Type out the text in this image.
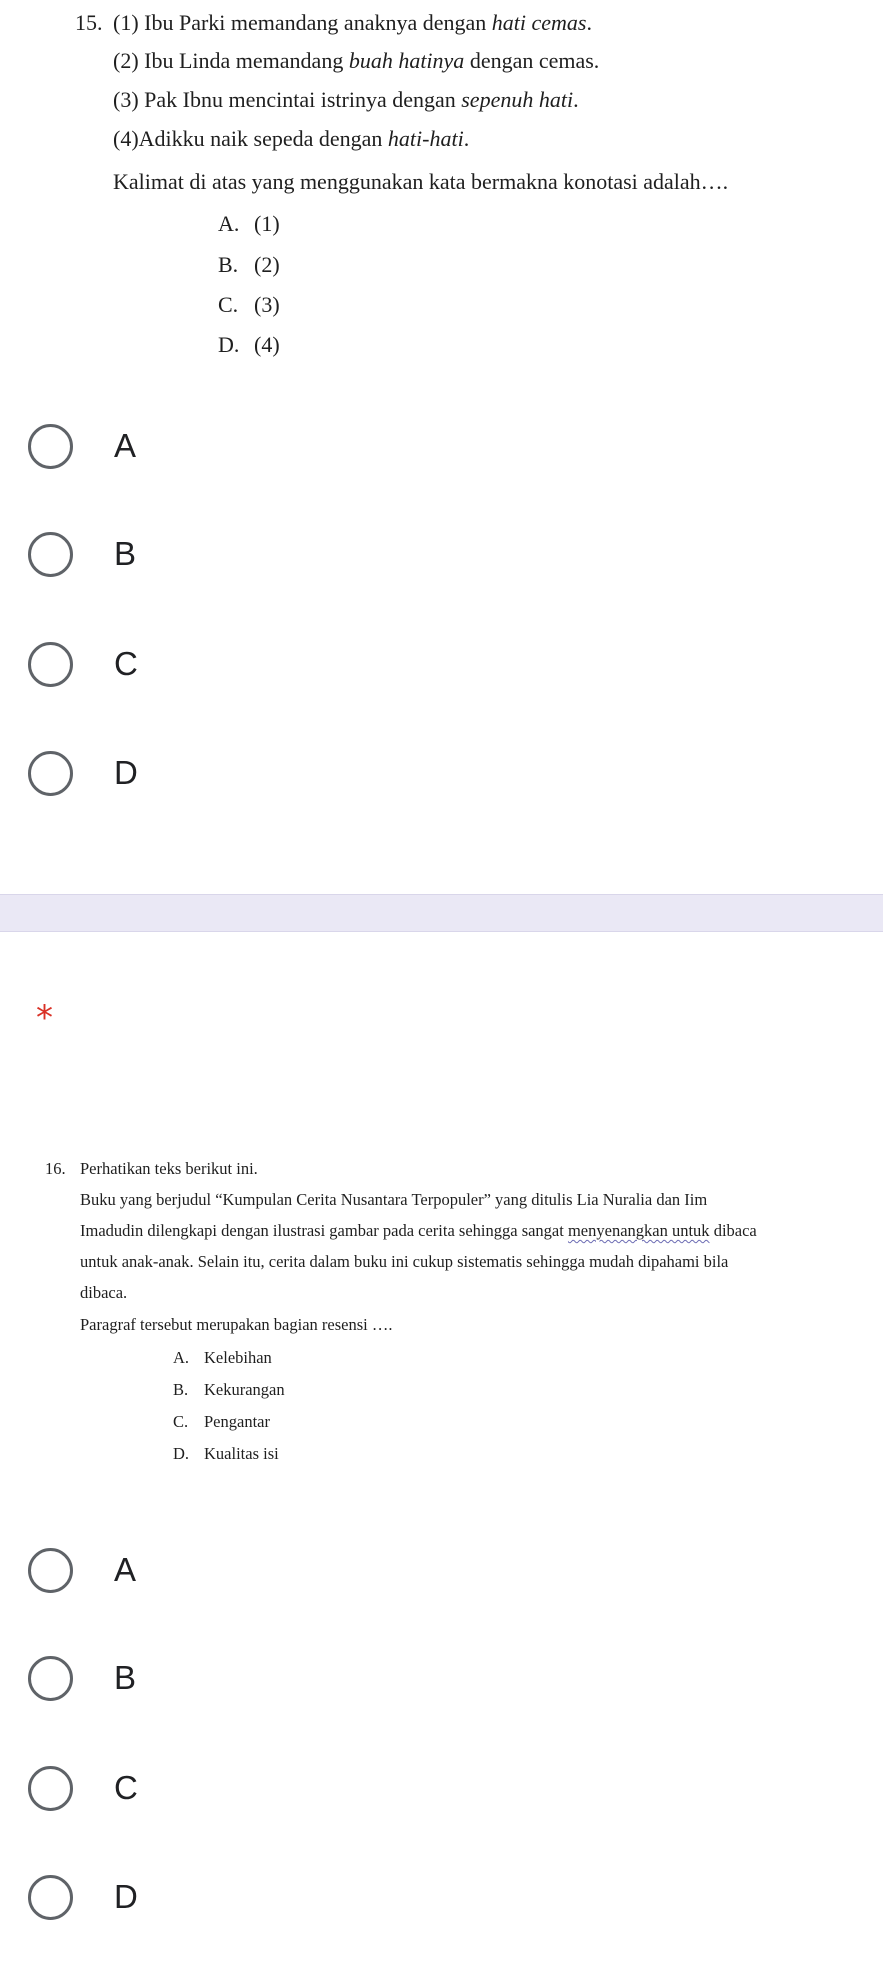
15. (1) Ibu Parki memandang anaknya dengan hati cemas.
(2) Ibu Linda memandang buah hatinya dengan cemas.
(3) Pak Ibnu mencintai istrinya dengan sepenuh hati.
(4)Adikku naik sepeda dengan hati-hati.
Kalimat di atas yang menggunakan kata bermakna konotasi adalah….
A. (1)
B. (2)
C. (3)
D. (4)
A
B
C
D
*
16. Perhatikan teks berikut ini.
Buku yang berjudul “Kumpulan Cerita Nusantara Terpopuler” yang ditulis Lia Nuralia dan Iim
Imadudin dilengkapi dengan ilustrasi gambar pada cerita sehingga sangat menyenangkan untuk dibaca
untuk anak-anak. Selain itu, cerita dalam buku ini cukup sistematis sehingga mudah dipahami bila
dibaca.
Paragraf tersebut merupakan bagian resensi ….
A. Kelebihan
B. Kekurangan
C. Pengantar
D. Kualitas isi
A
B
C
D
